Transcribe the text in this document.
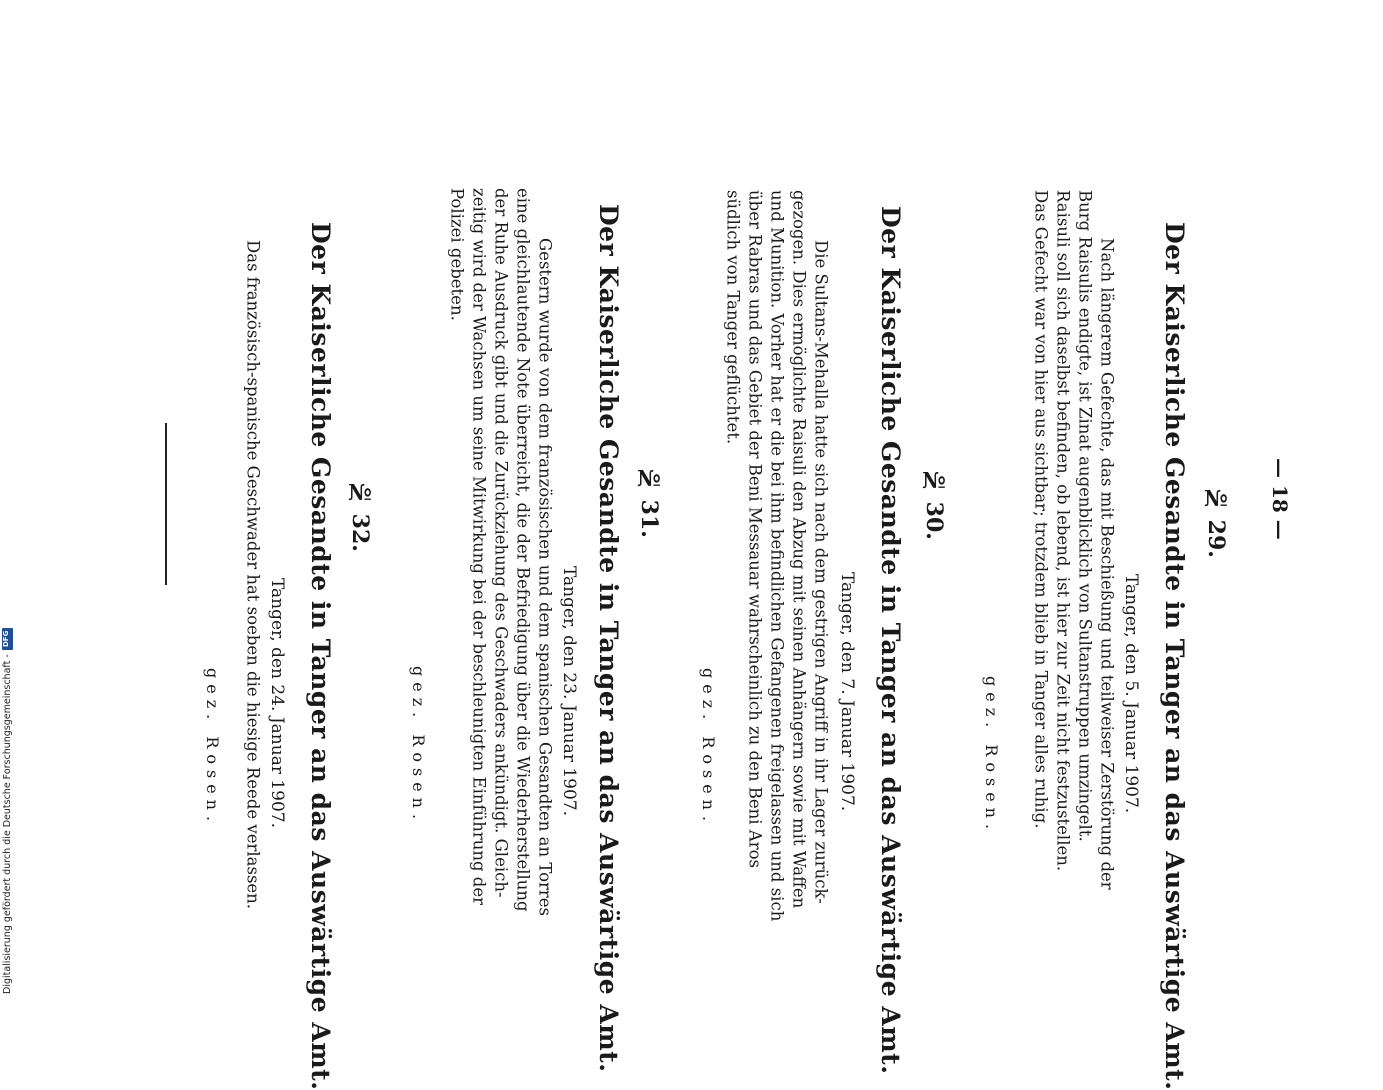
— 18 —
№ 29.
Der Kaiserliche Gesandte in Tanger an das Auswärtige Amt.
Tanger, den 5. Januar 1907.
Nach längerem Gefechte, das mit Beschießung und teilweiser Zerstörung der
Burg Raisulis endigte, ist Zinat augenblicklich von Sultanstruppen umzingelt.
Raisuli soll sich daselbst befinden, ob lebend, ist hier zur Zeit nicht festzustellen.
Das Gefecht war von hier aus sichtbar; trotzdem blieb in Tanger alles ruhig.
gez. Rosen.
№ 30.
Der Kaiserliche Gesandte in Tanger an das Auswärtige Amt.
Tanger, den 7. Januar 1907.
Die Sultans-Mehalla hatte sich nach dem gestrigen Angriff in ihr Lager zurück-
gezogen. Dies ermöglichte Raisuli den Abzug mit seinen Anhängern sowie mit Waffen
und Munition. Vorher hat er die bei ihm befindlichen Gefangenen freigelassen und sich
über Rabras und das Gebiet der Beni Messauar wahrscheinlich zu den Beni Aros
südlich von Tanger geflüchtet.
gez. Rosen.
№ 31.
Der Kaiserliche Gesandte in Tanger an das Auswärtige Amt.
Tanger, den 23. Januar 1907.
Gestern wurde von dem französischen und dem spanischen Gesandten an Torres
eine gleichlautende Note überreicht, die der Befriedigung über die Wiederherstellung
der Ruhe Ausdruck gibt und die Zurückziehung des Geschwaders ankündigt. Gleich-
zeitig wird der Wachsen um seine Mitwirkung bei der beschleunigten Einführung der
Polizei gebeten.
gez. Rosen.
№ 32.
Der Kaiserliche Gesandte in Tanger an das Auswärtige Amt.
Tanger, den 24. Januar 1907.
Das französisch-spanische Geschwader hat soeben die hiesige Reede verlassen.
gez. Rosen.
Digitalisierung gefördert durch die Deutsche Forschungsgemeinschaft -
DFG
